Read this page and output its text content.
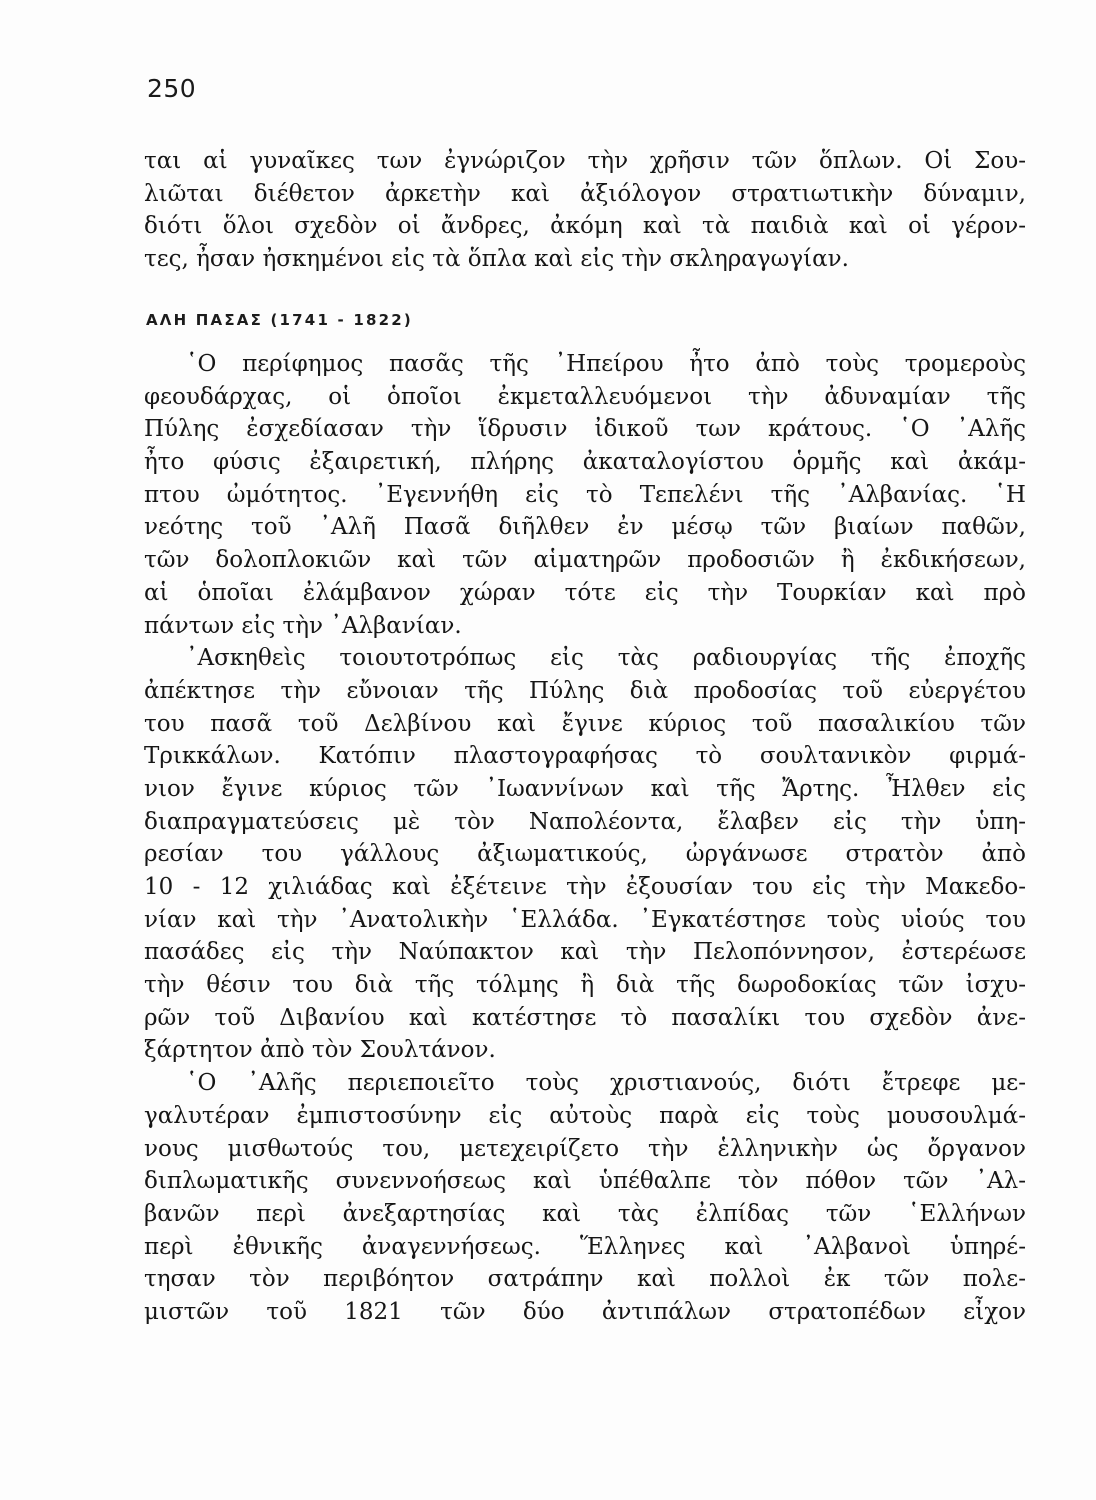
250
ται αἱ γυναῖκες των ἐγνώριζον τὴν χρῆσιν τῶν ὅπλων. Οἱ Σου-
λιῶται διέθετον ἀρκετὴν καὶ ἀξιόλογον στρατιωτικὴν δύναμιν,
διότι ὅλοι σχεδὸν οἱ ἄνδρες, ἀκόμη καὶ τὰ παιδιὰ καὶ οἱ γέρον-
τες, ἦσαν ἠσκημένοι εἰς τὰ ὅπλα καὶ εἰς τὴν σκληραγωγίαν.
ΑΛΗ ΠΑΣΑΣ (1741 - 1822)
῾Ο περίφημος πασᾶς τῆς ᾿Ηπείρου ἦτο ἀπὸ τοὺς τρομεροὺς
φεουδάρχας, οἱ ὁποῖοι ἐκμεταλλευόμενοι τὴν ἀδυναμίαν τῆς
Πύλης ἐσχεδίασαν τὴν ἵδρυσιν ἰδικοῦ των κράτους. ῾Ο ᾿Αλῆς
ἦτο φύσις ἐξαιρετική, πλήρης ἀκαταλογίστου ὁρμῆς καὶ ἀκάμ-
πτου ὠμότητος. ᾿Εγεννήθη εἰς τὸ Τεπελένι τῆς ᾿Αλβανίας. ῾Η
νεότης τοῦ ᾿Αλῆ Πασᾶ διῆλθεν ἐν μέσῳ τῶν βιαίων παθῶν,
τῶν δολοπλοκιῶν καὶ τῶν αἱματηρῶν προδοσιῶν ἢ ἐκδικήσεων,
αἱ ὁποῖαι ἐλάμβανον χώραν τότε εἰς τὴν Τουρκίαν καὶ πρὸ
πάντων εἰς τὴν ᾿Αλβανίαν.
᾿Ασκηθεὶς τοιουτοτρόπως εἰς τὰς ραδιουργίας τῆς ἐποχῆς
ἀπέκτησε τὴν εὔνοιαν τῆς Πύλης διὰ προδοσίας τοῦ εὐεργέτου
του πασᾶ τοῦ Δελβίνου καὶ ἔγινε κύριος τοῦ πασαλικίου τῶν
Τρικκάλων. Κατόπιν πλαστογραφήσας τὸ σουλτανικὸν φιρμά-
νιον ἔγινε κύριος τῶν ᾿Ιωαννίνων καὶ τῆς Ἄρτης. Ἦλθεν εἰς
διαπραγματεύσεις μὲ τὸν Ναπολέοντα, ἔλαβεν εἰς τὴν ὑπη-
ρεσίαν του γάλλους ἀξιωματικούς, ὠργάνωσε στρατὸν ἀπὸ
10 - 12 χιλιάδας καὶ ἐξέτεινε τὴν ἐξουσίαν του εἰς τὴν Μακεδο-
νίαν καὶ τὴν ᾿Ανατολικὴν ῾Ελλάδα. ᾿Εγκατέστησε τοὺς υἱούς του
πασάδες εἰς τὴν Ναύπακτον καὶ τὴν Πελοπόννησον, ἐστερέωσε
τὴν θέσιν του διὰ τῆς τόλμης ἢ διὰ τῆς δωροδοκίας τῶν ἰσχυ-
ρῶν τοῦ Διβανίου καὶ κατέστησε τὸ πασαλίκι του σχεδὸν ἀνε-
ξάρτητον ἀπὸ τὸν Σουλτάνον.
῾Ο ᾿Αλῆς περιεποιεῖτο τοὺς χριστιανούς, διότι ἔτρεφε με-
γαλυτέραν ἐμπιστοσύνην εἰς αὐτοὺς παρὰ εἰς τοὺς μουσουλμά-
νους μισθωτούς του, μετεχειρίζετο τὴν ἑλληνικὴν ὡς ὄργανον
διπλωματικῆς συνεννοήσεως καὶ ὑπέθαλπε τὸν πόθον τῶν ᾿Αλ-
βανῶν περὶ ἀνεξαρτησίας καὶ τὰς ἐλπίδας τῶν ῾Ελλήνων
περὶ ἐθνικῆς ἀναγεννήσεως. Ἕλληνες καὶ ᾿Αλβανοὶ ὑπηρέ-
τησαν τὸν περιβόητον σατράπην καὶ πολλοὶ ἐκ τῶν πολε-
μιστῶν τοῦ 1821 τῶν δύο ἀντιπάλων στρατοπέδων εἶχον
